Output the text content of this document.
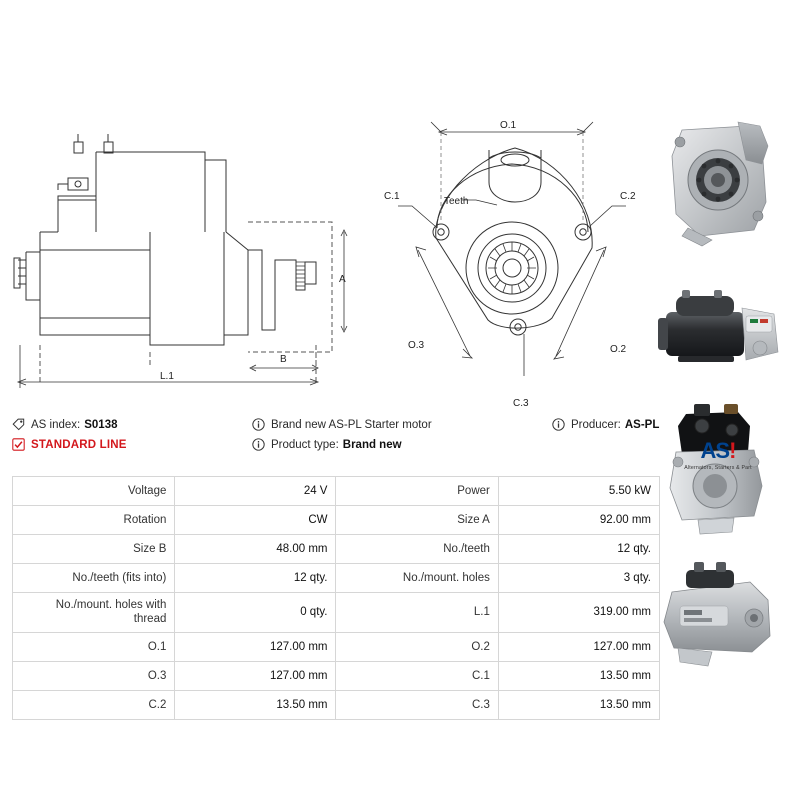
A
B
L.1
O.1
O.2
O.3
C.1	C.2
C.3
Teeth
AS index: S0138	Brand new AS-PL Starter motor	Producer: AS-PL
STANDARD LINE	Product type: Brand new	AS!
Alternators, Starters & Part
Voltage	24 V	Power	5.50 kW
Rotation	CW	Size A	92.00 mm
Size B	48.00 mm	No./teeth	12 qty.
No./teeth (fits into)	12 qty.	No./mount. holes	3 qty.
No./mount. holes with thread	0 qty.	L.1	319.00 mm
O.1	127.00 mm	O.2	127.00 mm
O.3	127.00 mm	C.1	13.50 mm
C.2	13.50 mm	C.3	13.50 mm
